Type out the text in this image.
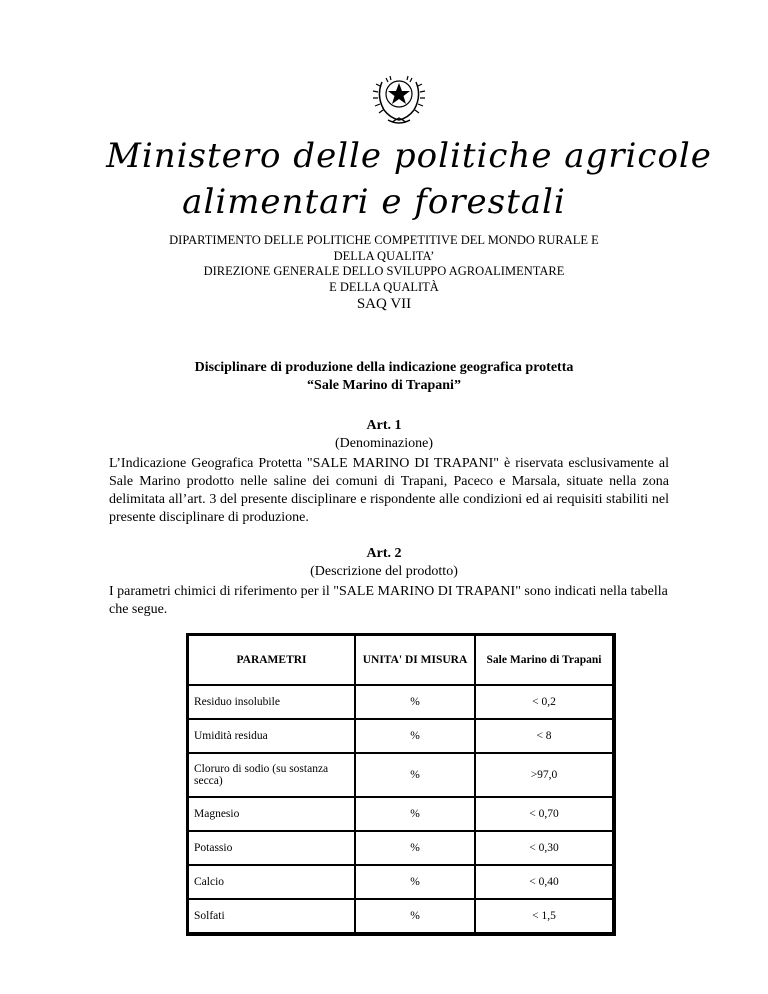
Ministero delle politiche agricole
alimentari e forestali
DIPARTIMENTO DELLE POLITICHE COMPETITIVE DEL MONDO RURALE E
DELLA QUALITA’
DIREZIONE GENERALE DELLO SVILUPPO AGROALIMENTARE
E DELLA QUALITÀ
SAQ VII
Disciplinare di produzione della indicazione geografica protetta
“Sale Marino di Trapani”
Art. 1
(Denominazione)
L’Indicazione Geografica Protetta "SALE MARINO DI TRAPANI" è riservata esclusivamente al Sale Marino prodotto nelle saline dei comuni di Trapani, Paceco e Marsala, situate nella zona delimitata all’art. 3 del presente disciplinare e rispondente alle condizioni ed ai requisiti stabiliti nel presente disciplinare di produzione.
Art. 2
(Descrizione del prodotto)
I parametri chimici di riferimento per il "SALE MARINO DI TRAPANI" sono indicati nella tabella che segue.
PARAMETRI	UNITA' DI MISURA	Sale Marino di Trapani
Residuo insolubile	%	< 0,2
Umidità residua	%	< 8
Cloruro di sodio (su sostanza secca)	%	>97,0
Magnesio	%	< 0,70
Potassio	%	< 0,30
Calcio	%	< 0,40
Solfati	%	< 1,5
